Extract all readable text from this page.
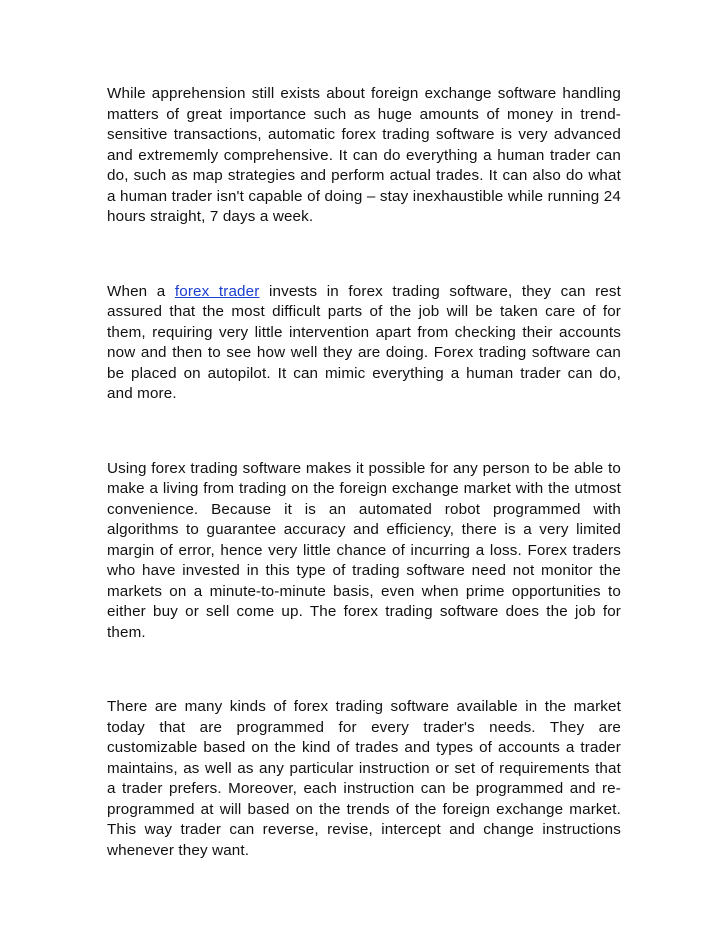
While apprehension still exists about foreign exchange software handling matters of great importance such as huge amounts of money in trend-sensitive transactions, automatic forex trading software is very advanced and extrememly comprehensive. It can do everything a human trader can do, such as map strategies and perform actual trades. It can also do what a human trader isn't capable of doing – stay inexhaustible while running 24 hours straight, 7 days a week.

When a forex trader invests in forex trading software, they can rest assured that the most difficult parts of the job will be taken care of for them, requiring very little intervention apart from checking their accounts now and then to see how well they are doing. Forex trading software can be placed on autopilot. It can mimic everything a human trader can do, and more.

Using forex trading software makes it possible for any person to be able to make a living from trading on the foreign exchange market with the utmost convenience. Because it is an automated robot programmed with algorithms to guarantee accuracy and efficiency, there is a very limited margin of error, hence very little chance of incurring a loss. Forex traders who have invested in this type of trading software need not monitor the markets on a minute-to-minute basis, even when prime opportunities to either buy or sell come up. The forex trading software does the job for them.

There are many kinds of forex trading software available in the market today that are programmed for every trader's needs. They are customizable based on the kind of trades and types of accounts a trader maintains, as well as any particular instruction or set of requirements that a trader prefers. Moreover, each instruction can be programmed and re-programmed at will based on the trends of the foreign exchange market. This way trader can reverse, revise, intercept and change instructions whenever they want.
